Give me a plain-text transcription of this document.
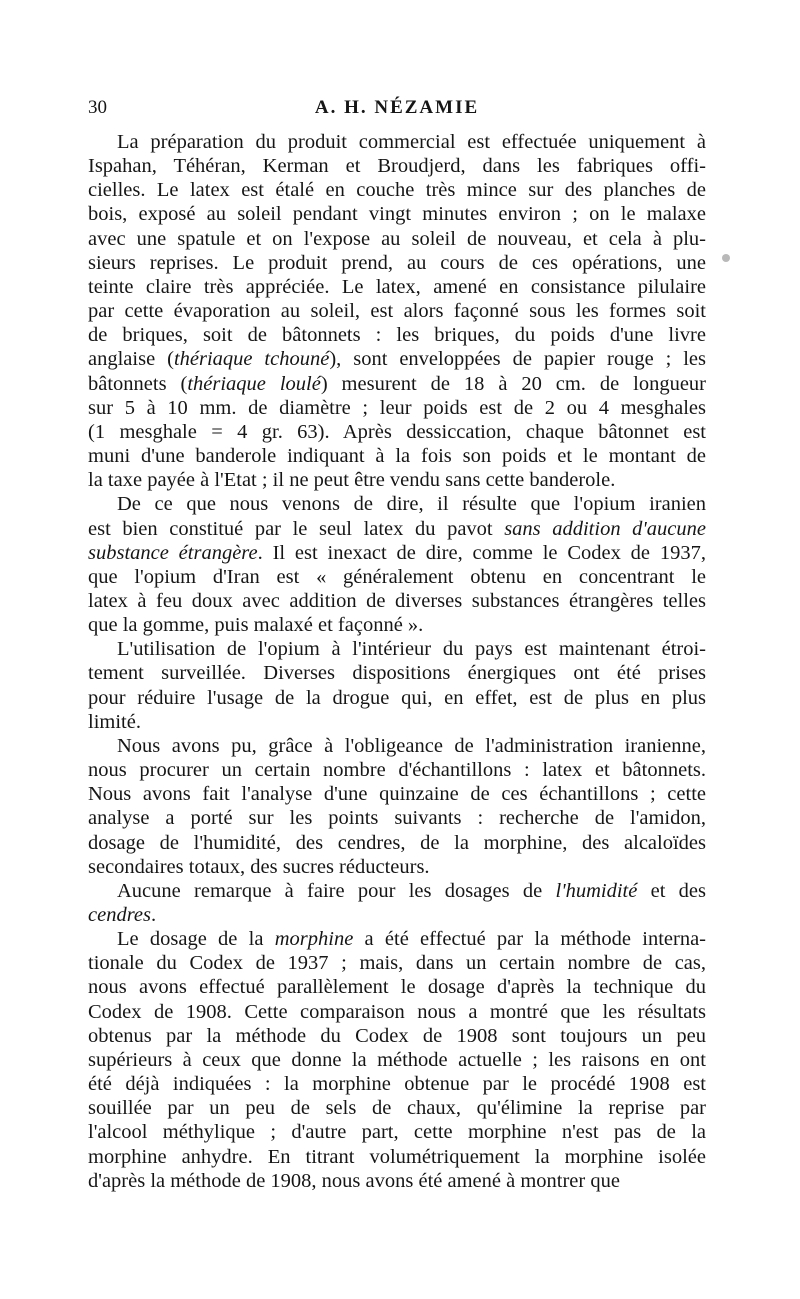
30	A. H. NÉZAMIE

La préparation du produit commercial est effectuée uniquement à
Ispahan, Téhéran, Kerman et Broudjerd, dans les fabriques offi-
cielles. Le latex est étalé en couche très mince sur des planches de
bois, exposé au soleil pendant vingt minutes environ ; on le malaxe
avec une spatule et on l'expose au soleil de nouveau, et cela à plu-
sieurs reprises. Le produit prend, au cours de ces opérations, une
teinte claire très appréciée. Le latex, amené en consistance pilulaire
par cette évaporation au soleil, est alors façonné sous les formes soit
de briques, soit de bâtonnets : les briques, du poids d'une livre
anglaise (thériaque tchouné), sont enveloppées de papier rouge ; les
bâtonnets (thériaque loulé) mesurent de 18 à 20 cm. de longueur
sur 5 à 10 mm. de diamètre ; leur poids est de 2 ou 4 mesghales
(1 mesghale = 4 gr. 63). Après dessiccation, chaque bâtonnet est
muni d'une banderole indiquant à la fois son poids et le montant de
la taxe payée à l'Etat ; il ne peut être vendu sans cette banderole.

De ce que nous venons de dire, il résulte que l'opium iranien
est bien constitué par le seul latex du pavot sans addition d'aucune
substance étrangère. Il est inexact de dire, comme le Codex de 1937,
que l'opium d'Iran est « généralement obtenu en concentrant le
latex à feu doux avec addition de diverses substances étrangères telles
que la gomme, puis malaxé et façonné ».

L'utilisation de l'opium à l'intérieur du pays est maintenant étroi-
tement surveillée. Diverses dispositions énergiques ont été prises
pour réduire l'usage de la drogue qui, en effet, est de plus en plus
limité.

Nous avons pu, grâce à l'obligeance de l'administration iranienne,
nous procurer un certain nombre d'échantillons : latex et bâtonnets.
Nous avons fait l'analyse d'une quinzaine de ces échantillons ; cette
analyse a porté sur les points suivants : recherche de l'amidon,
dosage de l'humidité, des cendres, de la morphine, des alcaloïdes
secondaires totaux, des sucres réducteurs.

Aucune remarque à faire pour les dosages de l'humidité et des
cendres.

Le dosage de la morphine a été effectué par la méthode interna-
tionale du Codex de 1937 ; mais, dans un certain nombre de cas,
nous avons effectué parallèlement le dosage d'après la technique du
Codex de 1908. Cette comparaison nous a montré que les résultats
obtenus par la méthode du Codex de 1908 sont toujours un peu
supérieurs à ceux que donne la méthode actuelle ; les raisons en ont
été déjà indiquées : la morphine obtenue par le procédé 1908 est
souillée par un peu de sels de chaux, qu'élimine la reprise par
l'alcool méthylique ; d'autre part, cette morphine n'est pas de la
morphine anhydre. En titrant volumétriquement la morphine isolée
d'après la méthode de 1908, nous avons été amené à montrer que
